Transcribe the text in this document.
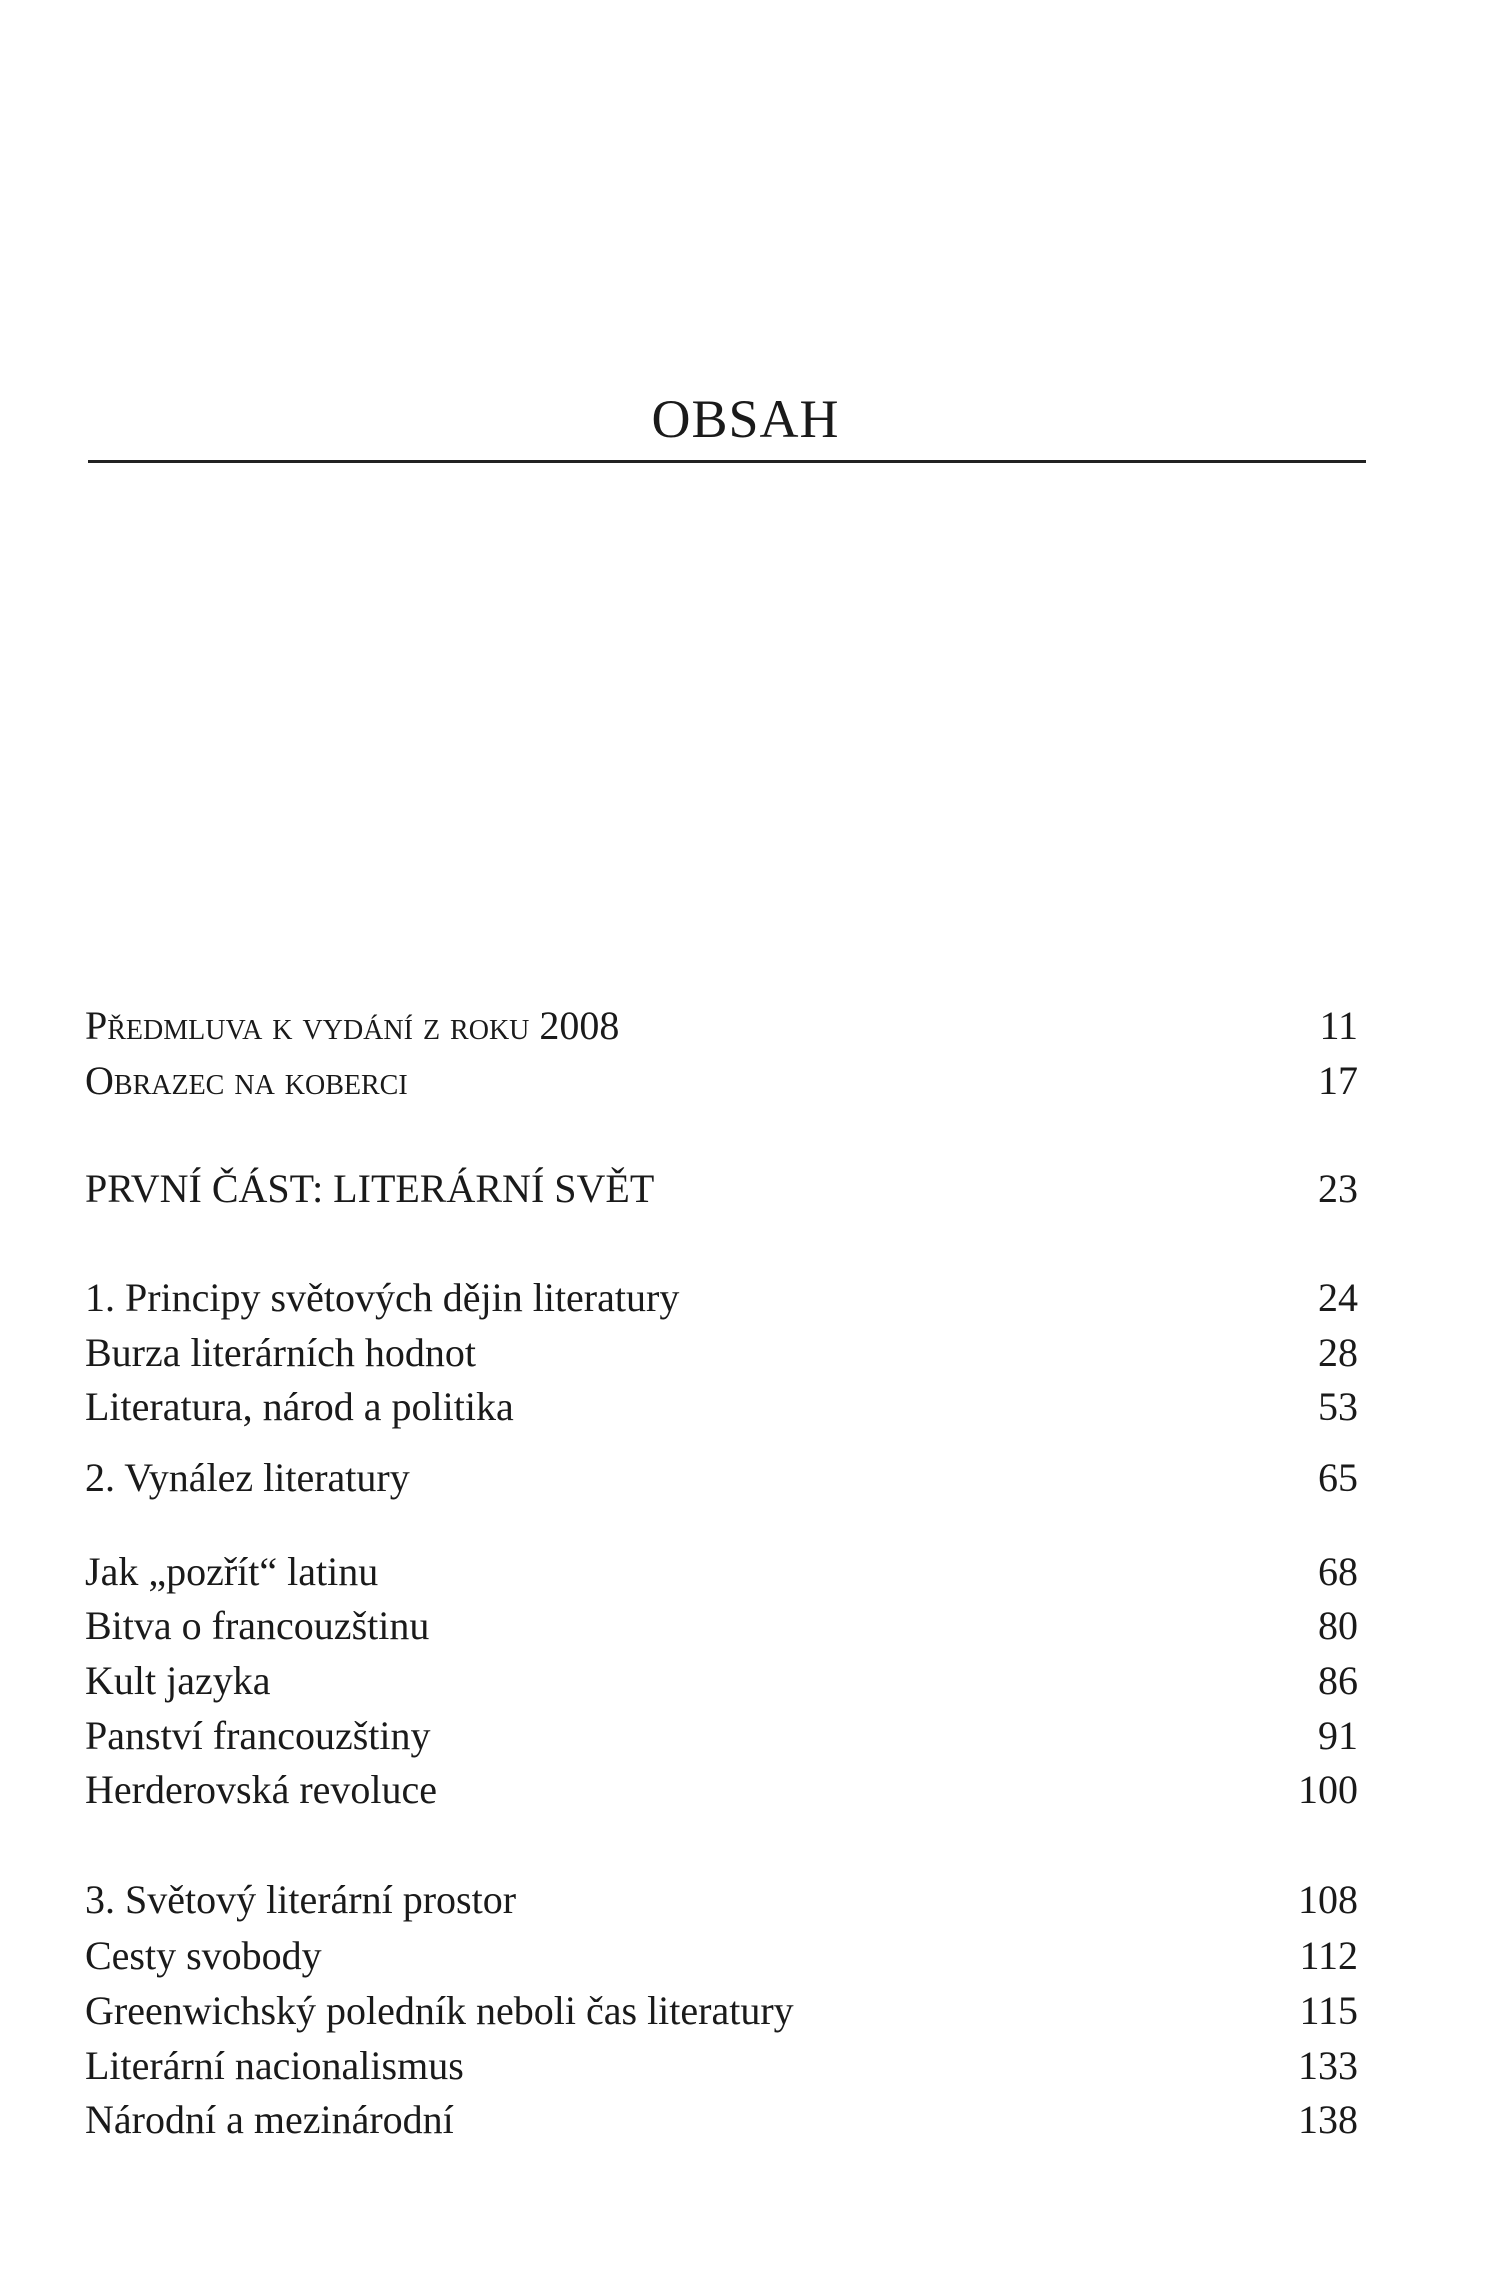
OBSAH
Předmluva k vydání z roku 2008	11
Obrazec na koberci	17
PRVNÍ ČÁST: LITERÁRNÍ SVĚT	23
1. Principy světových dějin literatury	24
Burza literárních hodnot	28
Literatura, národ a politika	53
2. Vynález literatury	65
Jak „pozřít“ latinu	68
Bitva o francouzštinu	80
Kult jazyka	86
Panství francouzštiny	91
Herderovská revoluce	100
3. Světový literární prostor	108
Cesty svobody	112
Greenwichský poledník neboli čas literatury	115
Literární nacionalismus	133
Národní a mezinárodní	138
